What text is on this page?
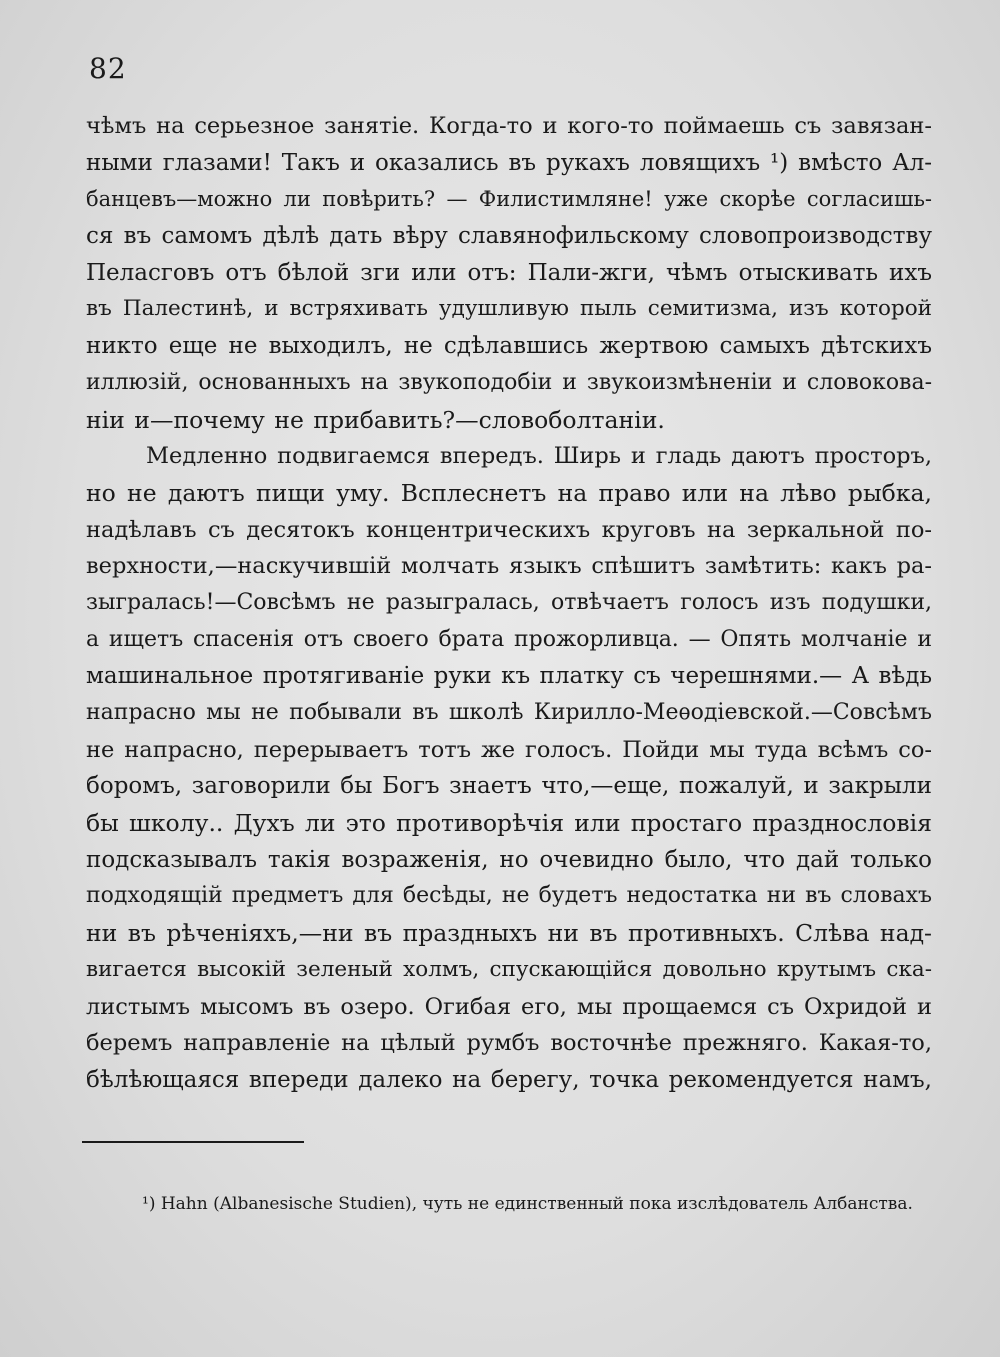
82
чѣмъ на серьезное занятіе. Когда-то и кого-то поймаешь съ завязан-
ными глазами! Такъ и оказались въ рукахъ ловящихъ ¹) вмѣсто Ал-
банцевъ—можно ли повѣрить? — Филистимляне! уже скорѣе согласишь-
ся въ самомъ дѣлѣ дать вѣру славянофильскому словопроизводству
Пеласговъ отъ бѣлой зги или отъ: Пали-жги, чѣмъ отыскивать ихъ
въ Палестинѣ, и встряхивать удушливую пыль семитизма, изъ которой
никто еще не выходилъ, не сдѣлавшись жертвою самыхъ дѣтскихъ
иллюзій, основанныхъ на звукоподобіи и звукоизмѣненіи и словокова-
ніи и—почему не прибавить?—словоболтаніи.
Медленно подвигаемся впередъ. Ширь и гладь даютъ просторъ,
но не даютъ пищи уму. Всплеснетъ на право или на лѣво рыбка,
надѣлавъ съ десятокъ концентрическихъ круговъ на зеркальной по-
верхности,—наскучившій молчать языкъ спѣшитъ замѣтить: какъ ра-
зыгралась!—Совсѣмъ не разыгралась, отвѣчаетъ голосъ изъ подушки,
а ищетъ спасенія отъ своего брата прожорливца. — Опять молчаніе и
машинальное протягиваніе руки къ платку съ черешнями.— А вѣдь
напрасно мы не побывали въ школѣ Кирилло-Меѳодіевской.—Совсѣмъ
не напрасно, перерываетъ тотъ же голосъ. Пойди мы туда всѣмъ со-
боромъ, заговорили бы Богъ знаетъ что,—еще, пожалуй, и закрыли
бы школу.. Духъ ли это противорѣчія или простаго празднословія
подсказывалъ такія возраженія, но очевидно было, что дай только
подходящій предметъ для бесѣды, не будетъ недостатка ни въ словахъ
ни въ рѣченіяхъ,—ни въ праздныхъ ни въ противныхъ. Слѣва над-
вигается высокій зеленый холмъ, спускающійся довольно крутымъ ска-
листымъ мысомъ въ озеро. Огибая его, мы прощаемся съ Охридой и
беремъ направленіе на цѣлый румбъ восточнѣе прежняго. Какая-то,
бѣлѣющаяся впереди далеко на берегу, точка рекомендуется намъ,
¹) Hahn (Albanesische Studien), чуть не единственный пока изслѣдователь Албанства.
